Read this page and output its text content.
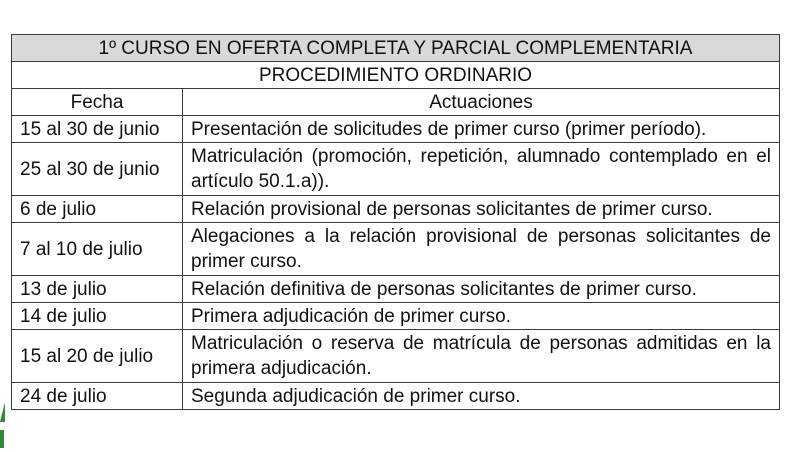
1º CURSO EN OFERTA COMPLETA Y PARCIAL COMPLEMENTARIA	
PROCEDIMIENTO ORDINARIO	
Fecha	Actuaciones
15 al 30 de junio	Presentación de solicitudes de primer curso (primer período).
25 al 30 de junio	Matriculación (promoción, repetición, alumnado contemplado en el artículo 50.1.a)).
6 de julio	Relación provisional de personas solicitantes de primer curso.
7 al 10 de julio	Alegaciones a la relación provisional de personas solicitantes de primer curso.
13 de julio	Relación definitiva de personas solicitantes de primer curso.
14 de julio	Primera adjudicación de primer curso.
15 al 20 de julio	Matriculación o reserva de matrícula de personas admitidas en la primera adjudicación.
24 de julio	Segunda adjudicación de primer curso.
